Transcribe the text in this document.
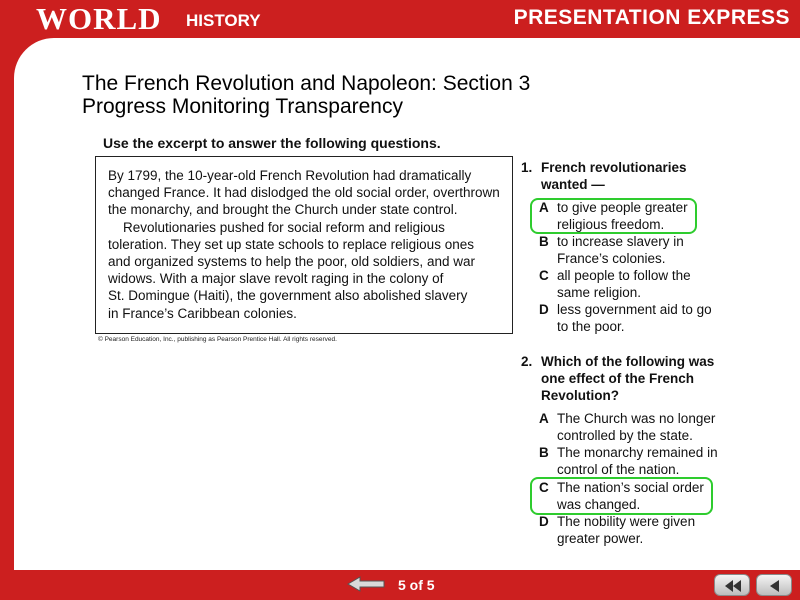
WORLD HISTORY	PRESENTATION EXPRESS
The French Revolution and Napoleon: Section 3
Progress Monitoring Transparency
Use the excerpt to answer the following questions.

By 1799, the 10-year-old French Revolution had dramatically

changed France. It had dislodged the old social order, overthrown

the monarchy, and brought the Church under state control.

Revolutionaries pushed for social reform and religious

toleration. They set up state schools to replace religious ones

and organized systems to help the poor, old soldiers, and war

widows. With a major slave revolt raging in the colony of

St. Domingue (Haiti), the government also abolished slavery

in France’s Caribbean colonies.

© Pearson Education, Inc., publishing as Pearson Prentice Hall. All rights reserved.
1. French revolutionaries
wanted —
A to give people greater
religious freedom.
B to increase slavery in
France’s colonies.
C all people to follow the
same religion.
D less government aid to go
to the poor.
2. Which of the following was
one effect of the French
Revolution?
A The Church was no longer
controlled by the state.
B The monarchy remained in
control of the nation.
C The nation’s social order
was changed.
D The nobility were given
greater power.
5 of 5
